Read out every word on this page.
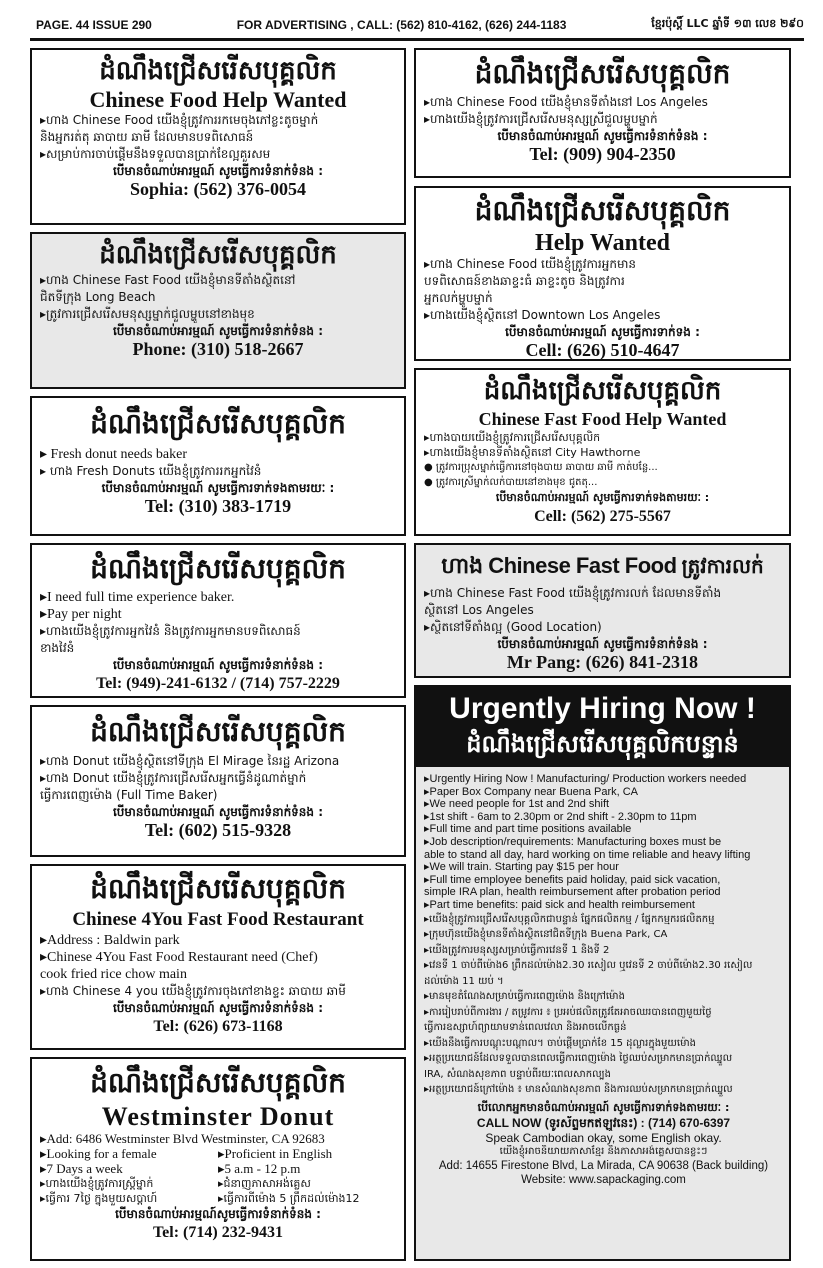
PAGE. 44 ISSUE 290	FOR ADVERTISING , CALL: (562) 810-4162, (626) 244-1183	ខ្មែរប៉ុស្តិ៍ LLC ឆ្នាំទី ១៣ លេខ ២៩០
ដំណឹងជ្រើសរើសបុគ្គលិក
Chinese Food Help Wanted
▸ហាង Chinese Food យើងខ្ញុំត្រូវការរកមេចុងភៅខ្លះតូចម្នាក់
និងអ្នករត់តុ ឆាបាយ ឆាមី ដែលមានបទពិសោធន៍
▸សម្រាប់ការចាប់ផ្ដើមនឹងទទួលបានប្រាក់ខែល្អគួរសម
បើមានចំណាប់អារម្មណ៍ សូមធ្វើការទំនាក់ទំនង :
Sophia: (562) 376-0054
ដំណឹងជ្រើសរើសបុគ្គលិក
▸ហាង Chinese Fast Food យើងខ្ញុំមានទីតាំងស្ថិតនៅ
ជិតទីក្រុង Long Beach
▸ត្រូវការជ្រើសរើសមនុស្សម្នាក់ជួលម្ហូបនៅខាងមុខ
បើមានចំណាប់អារម្មណ៍ សូមធ្វើការទំនាក់ទំនង :
Phone: (310) 518-2667
ដំណឹងជ្រើសរើសបុគ្គលិក
▸ Fresh donut needs baker
▸ ហាង Fresh Donuts យើងខ្ញុំត្រូវការរកអ្នកវៃនំ
បើមានចំណាប់អារម្មណ៍ សូមធ្វើការទាក់ទងតាមរយៈ :
Tel: (310) 383-1719
ដំណឹងជ្រើសរើសបុគ្គលិក
▸I need full time experience baker.
▸Pay per night
▸ហាងយើងខ្ញុំត្រូវការអ្នកវៃនំ និងត្រូវការអ្នកមានបទពិសោធន៍
ខាងវៃនំ
បើមានចំណាប់អារម្មណ៍ សូមធ្វើការទំនាក់ទំនង :
Tel: (949)-241-6132 / (714) 757-2229
ដំណឹងជ្រើសរើសបុគ្គលិក
▸ហាង Donut យើងខ្ញុំស្ថិតនៅទីក្រុង El Mirage នៃរដ្ឋ Arizona
▸ហាង Donut យើងខ្ញុំត្រូវការជ្រើសរើសអ្នកធ្វើនំដូណាត់ម្នាក់
ធ្វើការពេញម៉ោង (Full Time Baker)
បើមានចំណាប់អារម្មណ៍ សូមធ្វើការទំនាក់ទំនង :
Tel: (602) 515-9328
ដំណឹងជ្រើសរើសបុគ្គលិក
Chinese 4You Fast Food Restaurant
▸Address : Baldwin park
▸Chinese 4You Fast Food Restaurant need (Chef)
cook fried rice chow main
▸ហាង Chinese 4 you យើងខ្ញុំត្រូវការចុងភៅខាងខ្ទះ ឆាបាយ ឆាមី
បើមានចំណាប់អារម្មណ៍ សូមធ្វើការទំនាក់ទំនង :
Tel: (626) 673-1168
ដំណឹងជ្រើសរើសបុគ្គលិក
Westminster Donut
▸Add: 6486 Westminster Blvd Westminster, CA 92683
▸Looking for a female
▸7 Days a week
▸ហាងយើងខ្ញុំត្រូវការស្ត្រីម្នាក់
▸ធ្វើការ 7ថ្ងៃ ក្នុងមួយសប្ដាហ៍
▸Proficient in English
▸5 a.m - 12 p.m
▸ជំនាញភាសាអង់គ្លេស
▸ធ្វើការពីម៉ោង 5 ព្រឹកដល់ម៉ោង12
បើមានចំណាប់អារម្មណ៍សូមធ្វើការទំនាក់ទំនង :
Tel: (714) 232-9431
ដំណឹងជ្រើសរើសបុគ្គលិក
▸ហាង Chinese Food យើងខ្ញុំមានទីតាំងនៅ Los Angeles
▸ហាងយើងខ្ញុំត្រូវការជ្រើសរើសមនុស្សស្រីជួលម្ហូបម្នាក់
បើមានចំណាប់អារម្មណ៍ សូមធ្វើការទំនាក់ទំនង :
Tel: (909) 904-2350
ដំណឹងជ្រើសរើសបុគ្គលិក
Help Wanted
▸ហាង Chinese Food យើងខ្ញុំត្រូវការអ្នកមាន
បទពិសោធន៍ខាងឆាខ្ទះធំ ឆាខ្ទះតូច និងត្រូវការ
អ្នកលក់ម្ហូបម្នាក់
▸ហាងយើងខ្ញុំស្ថិតនៅ Downtown Los Angeles
បើមានចំណាប់អារម្មណ៍ សូមធ្វើការទាក់ទង :
Cell: (626) 510-4647
ដំណឹងជ្រើសរើសបុគ្គលិក
Chinese Fast Food Help Wanted
▸ហាងបាយយើងខ្ញុំត្រូវការជ្រើសរើសបុគ្គលិក
▸ហាងយើងខ្ញុំមានទីតាំងស្ថិតនៅ City Hawthorne
● ត្រូវការប្រុសម្នាក់ធ្វើការនៅចុងបាយ ឆាបាយ ឆាមី កាត់បន្លែ...
● ត្រូវការស្រីម្នាក់លក់បាយនៅខាងមុខ ជូតតុ...
បើមានចំណាប់អារម្មណ៍ សូមធ្វើការទាក់ទងតាមរយៈ :
Cell: (562) 275-5567
ហាង Chinese Fast Food ត្រូវការលក់
▸ហាង Chinese Fast Food យើងខ្ញុំត្រូវការលក់ ដែលមានទីតាំង
ស្ថិតនៅ Los Angeles
▸ស្ថិតនៅទីតាំងល្អ (Good Location)
បើមានចំណាប់អារម្មណ៍ សូមធ្វើការទំនាក់ទំនង :
Mr Pang: (626) 841-2318
Urgently Hiring Now !
ដំណឹងជ្រើសរើសបុគ្គលិកបន្ទាន់
▸Urgently Hiring Now ! Manufacturing/ Production workers needed
▸Paper Box Company near Buena Park, CA
▸We need people for 1st and 2nd shift
▸1st shift - 6am to 2.30pm or 2nd shift - 2.30pm to 11pm
▸Full time and part time positions available
▸Job description/requirements: Manufacturing boxes must be
able to stand all day, hard working on time reliable and heavy lifting
▸We will train. Starting pay $15 per hour
▸Full time employee benefits paid holiday, paid sick vacation,
simple IRA plan, health reimbursement after probation period
▸Part time benefits: paid sick and health reimbursement
▸យើងខ្ញុំត្រូវការជ្រើសរើសបុគ្គលិកជាបន្ទាន់ ផ្នែកផលិតកម្ម / ផ្នែកកម្មករផលិតកម្ម
▸ក្រុមហ៊ុនយើងខ្ញុំមានទីតាំងស្ថិតនៅជិតទីក្រុង Buena Park, CA
▸យើងត្រូវការមនុស្សសម្រាប់ធ្វើការវេនទី 1 និងទី 2
▸វេនទី 1 ចាប់ពីម៉ោង6 ព្រឹកដល់ម៉ោង2.30 រសៀល ឬវេនទី 2 ចាប់ពីម៉ោង2.30 រសៀល
ដល់ម៉ោង 11 យប់ ។
▸មានមុខតំណែងសម្រាប់ធ្វើការពេញម៉ោង និងក្រៅម៉ោង
▸ការរៀបរាប់ពីការងារ / តម្រូវការ ៖ ប្រអប់ផលិតត្រូវតែអាចឈរបានពេញមួយថ្ងៃ
ធ្វើការឧស្សាហ៍ព្យាយាមទាន់ពេលវេលា និងអាចលើកធ្ងន់
▸យើងនឹងធ្វើការបណ្តុះបណ្តាល។ ចាប់ផ្តើមប្រាក់ខែ 15 ដុល្លារក្នុងមួយម៉ោង
▸អត្ថប្រយោជន៍ដែលទទួលបានពេលធ្វើការពេញម៉ោង ថ្ងៃឈប់សម្រាកមានប្រាក់ឈ្នួល
IRA, សំណងសុខភាព បន្ទាប់ពីរយៈពេលសាកល្បង
▸អត្ថប្រយោជន៍ក្រៅម៉ោង ៖ មានសំណងសុខភាព និងការឈប់សម្រាកមានប្រាក់ឈ្នួល
បើលោកអ្នកមានចំណាប់អារម្មណ៍ សូមធ្វើការទាក់ទងតាមរយៈ :
CALL NOW (ទូរស័ព្ទមកឥឡូវនេះ) : (714) 670-6397
Speak Cambodian okay, some English okay.
យើងខ្ញុំអាចនិយាយភាសាខ្មែរ និងភាសាអង់គ្លេសបានខ្លះៗ
Add: 14655 Firestone Blvd, La Mirada, CA 90638 (Back building)
Website: www.sapackaging.com
